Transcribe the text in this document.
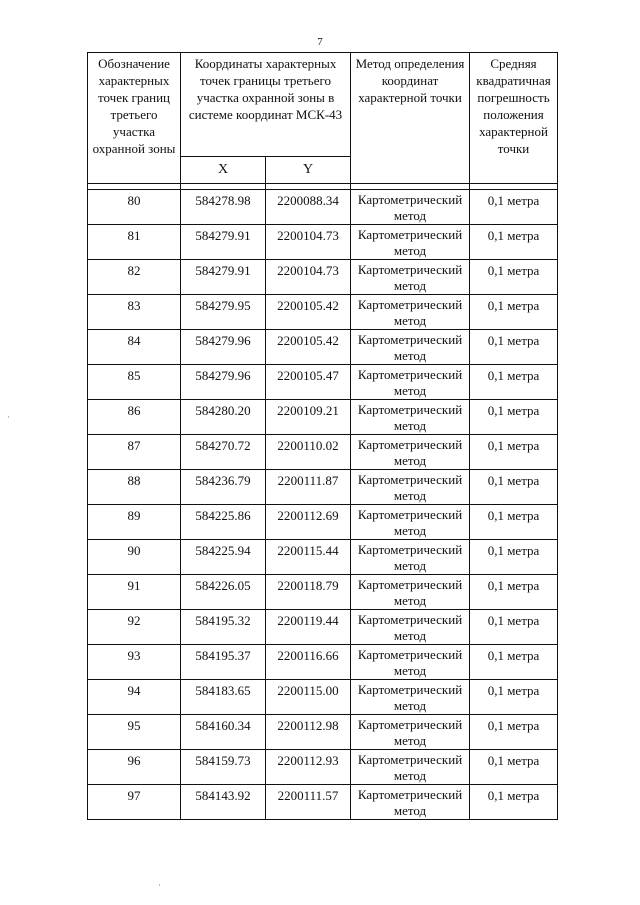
7
Обозначение характерных точек границ третьего участка охранной зоны	Координаты характерных точек границы третьего участка охранной зоны в системе координат МСК-43		Метод определения координат характерной точки	Средняя квадратичная погрешность положения характерной точки
	X	Y		

80	584278.98	2200088.34	Картометрический метод	0,1 метра
81	584279.91	2200104.73	Картометрический метод	0,1 метра
82	584279.91	2200104.73	Картометрический метод	0,1 метра
83	584279.95	2200105.42	Картометрический метод	0,1 метра
84	584279.96	2200105.42	Картометрический метод	0,1 метра
85	584279.96	2200105.47	Картометрический метод	0,1 метра
86	584280.20	2200109.21	Картометрический метод	0,1 метра
87	584270.72	2200110.02	Картометрический метод	0,1 метра
88	584236.79	2200111.87	Картометрический метод	0,1 метра
89	584225.86	2200112.69	Картометрический метод	0,1 метра
90	584225.94	2200115.44	Картометрический метод	0,1 метра
91	584226.05	2200118.79	Картометрический метод	0,1 метра
92	584195.32	2200119.44	Картометрический метод	0,1 метра
93	584195.37	2200116.66	Картометрический метод	0,1 метра
94	584183.65	2200115.00	Картометрический метод	0,1 метра
95	584160.34	2200112.98	Картометрический метод	0,1 метра
96	584159.73	2200112.93	Картометрический метод	0,1 метра
97	584143.92	2200111.57	Картометрический метод	0,1 метра
·
·
